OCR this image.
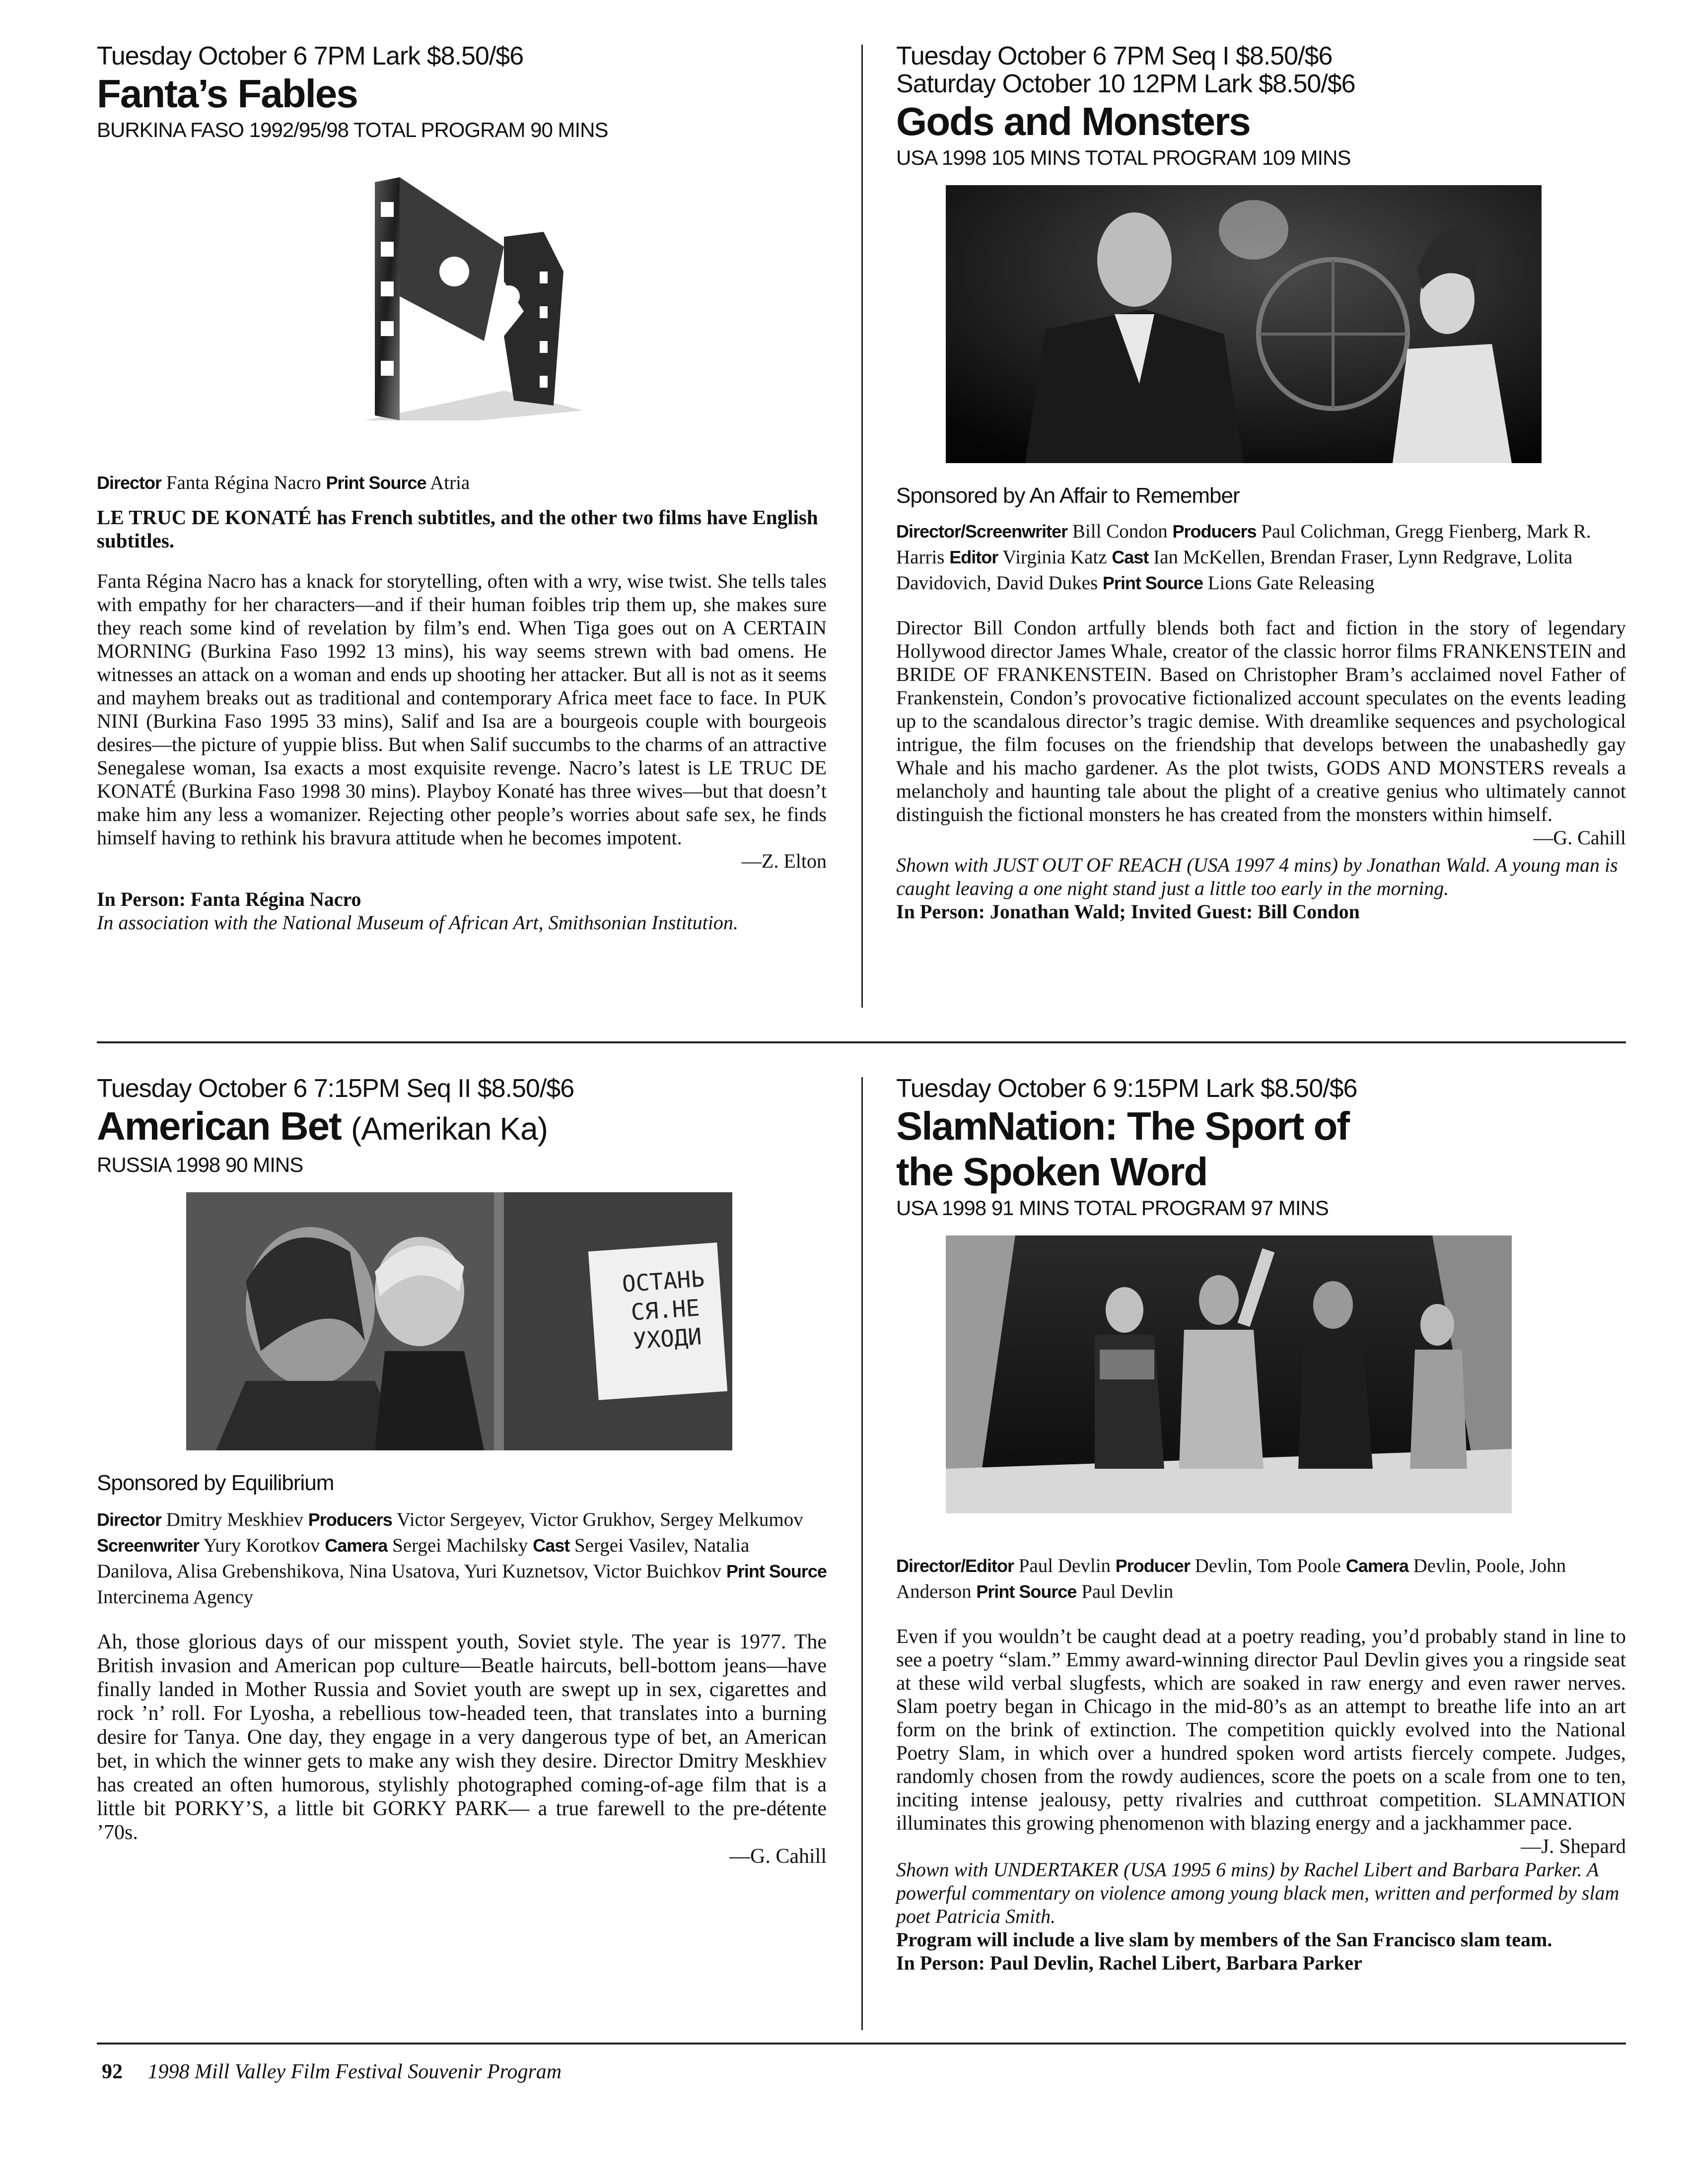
Tuesday October 6 7PM Lark $8.50/$6
Fanta’s Fables
BURKINA FASO 1992/95/98 TOTAL PROGRAM 90 MINS
Director Fanta Régina Nacro Print Source Atria
LE TRUC DE KONATÉ has French subtitles, and the other two films have English subtitles.
Fanta Régina Nacro has a knack for storytelling, often with a wry, wise twist. She tells tales with empathy for her characters—and if their human foibles trip them up, she makes sure they reach some kind of revelation by film’s end. When Tiga goes out on A CERTAIN MORNING (Burkina Faso 1992 13 mins), his way seems strewn with bad omens. He witnesses an attack on a woman and ends up shooting her attacker. But all is not as it seems and mayhem breaks out as traditional and contemporary Africa meet face to face. In PUK NINI (Burkina Faso 1995 33 mins), Salif and Isa are a bourgeois couple with bourgeois desires—the picture of yuppie bliss. But when Salif succumbs to the charms of an attractive Senegalese woman, Isa exacts a most exquisite revenge. Nacro’s latest is LE TRUC DE KONATÉ (Burkina Faso 1998 30 mins). Playboy Konaté has three wives—but that doesn’t make him any less a womanizer. Rejecting other people’s worries about safe sex, he finds himself having to rethink his bravura attitude when he becomes impotent.
—Z. Elton
In Person: Fanta Régina Nacro
In association with the National Museum of African Art, Smithsonian Institution.
Tuesday October 6 7PM Seq I $8.50/$6
Saturday October 10 12PM Lark $8.50/$6
Gods and Monsters
USA 1998 105 MINS TOTAL PROGRAM 109 MINS
Sponsored by An Affair to Remember
Director/Screenwriter Bill Condon Producers Paul Colichman, Gregg Fienberg, Mark R. Harris Editor Virginia Katz Cast Ian McKellen, Brendan Fraser, Lynn Redgrave, Lolita Davidovich, David Dukes Print Source Lions Gate Releasing
Director Bill Condon artfully blends both fact and fiction in the story of legendary Hollywood director James Whale, creator of the classic horror films FRANKENSTEIN and BRIDE OF FRANKENSTEIN. Based on Christopher Bram’s acclaimed novel Father of Frankenstein, Condon’s provocative fictionalized account speculates on the events leading up to the scandalous director’s tragic demise. With dreamlike sequences and psychological intrigue, the film focuses on the friendship that develops between the unabashedly gay Whale and his macho gardener. As the plot twists, GODS AND MONSTERS reveals a melancholy and haunting tale about the plight of a creative genius who ultimately cannot distinguish the fictional monsters he has created from the monsters within himself.
—G. Cahill
Shown with JUST OUT OF REACH (USA 1997 4 mins) by Jonathan Wald. A young man is caught leaving a one night stand just a little too early in the morning.
In Person: Jonathan Wald; Invited Guest: Bill Condon
Tuesday October 6 7:15PM Seq II $8.50/$6
American Bet (Amerikan Ka)
RUSSIA 1998 90 MINS
ОСТАНЬ
СЯ.НЕ
УХОДИ
Sponsored by Equilibrium
Director Dmitry Meskhiev Producers Victor Sergeyev, Victor Grukhov, Sergey Melkumov Screenwriter Yury Korotkov Camera Sergei Machilsky Cast Sergei Vasilev, Natalia Danilova, Alisa Grebenshikova, Nina Usatova, Yuri Kuznetsov, Victor Buichkov Print Source Intercinema Agency
Ah, those glorious days of our misspent youth, Soviet style. The year is 1977. The British invasion and American pop culture—Beatle haircuts, bell-bottom jeans—have finally landed in Mother Russia and Soviet youth are swept up in sex, cigarettes and rock ’n’ roll. For Lyosha, a rebellious tow-headed teen, that translates into a burning desire for Tanya. One day, they engage in a very dangerous type of bet, an American bet, in which the winner gets to make any wish they desire. Director Dmitry Meskhiev has created an often humorous, stylishly photographed coming-of-age film that is a little bit PORKY’S, a little bit GORKY PARK— a true farewell to the pre-détente ’70s.
—G. Cahill
Tuesday October 6 9:15PM Lark $8.50/$6
SlamNation: The Sport of the Spoken Word
USA 1998 91 MINS TOTAL PROGRAM 97 MINS
Director/Editor Paul Devlin Producer Devlin, Tom Poole Camera Devlin, Poole, John Anderson Print Source Paul Devlin
Even if you wouldn’t be caught dead at a poetry reading, you’d probably stand in line to see a poetry “slam.” Emmy award-winning director Paul Devlin gives you a ringside seat at these wild verbal slugfests, which are soaked in raw energy and even rawer nerves. Slam poetry began in Chicago in the mid-80’s as an attempt to breathe life into an art form on the brink of extinction. The competition quickly evolved into the National Poetry Slam, in which over a hundred spoken word artists fiercely compete. Judges, randomly chosen from the rowdy audiences, score the poets on a scale from one to ten, inciting intense jealousy, petty rivalries and cutthroat competition. SLAMNATION illuminates this growing phenomenon with blazing energy and a jackhammer pace.
—J. Shepard
Shown with UNDERTAKER (USA 1995 6 mins) by Rachel Libert and Barbara Parker. A powerful commentary on violence among young black men, written and performed by slam poet Patricia Smith.
Program will include a live slam by members of the San Francisco slam team.
In Person: Paul Devlin, Rachel Libert, Barbara Parker
92 1998 Mill Valley Film Festival Souvenir Program
